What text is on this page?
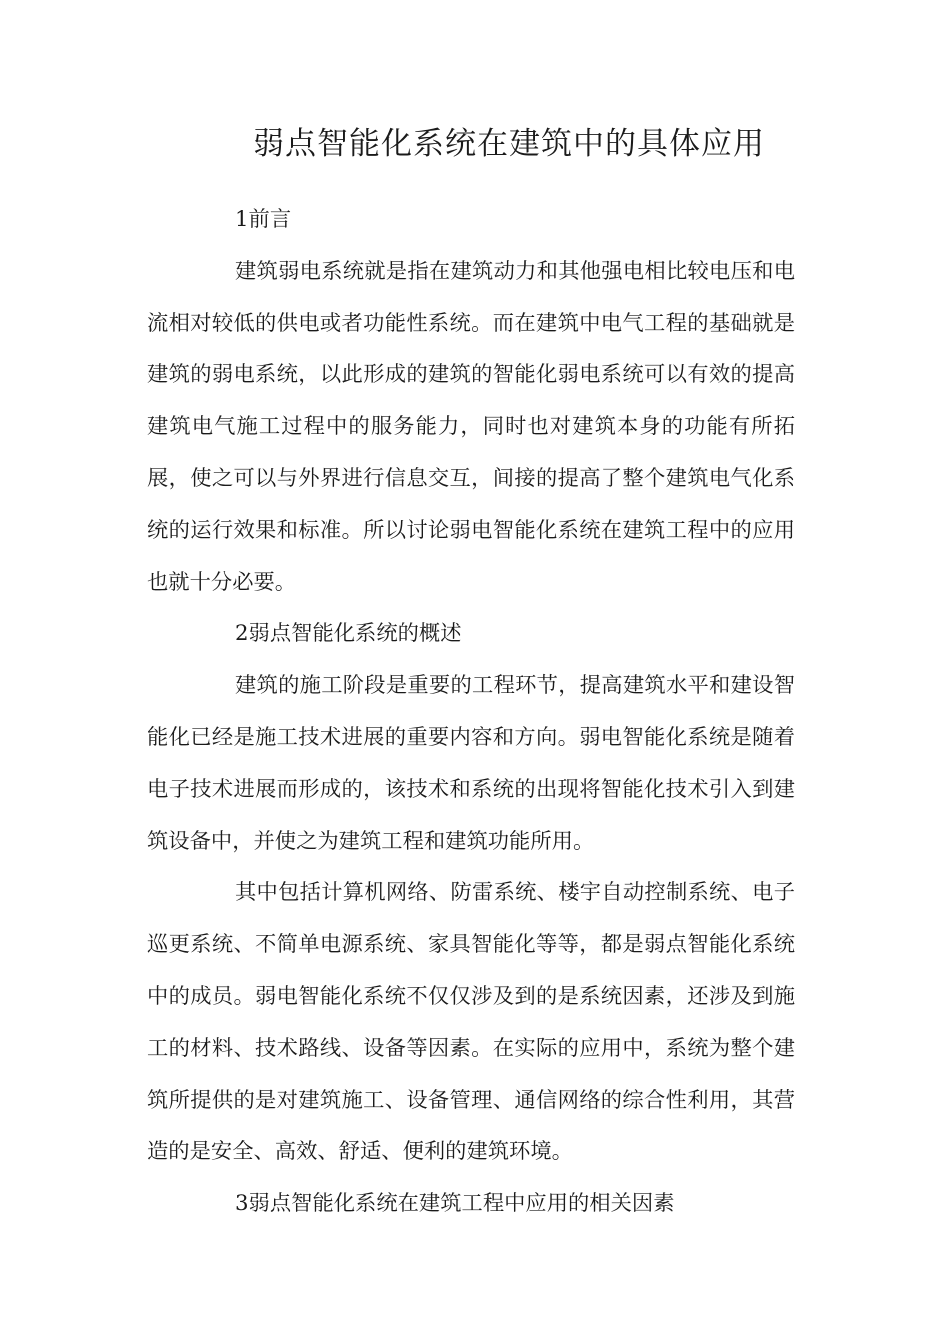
弱点智能化系统在建筑中的具体应用

1前言

建筑弱电系统就是指在建筑动力和其他强电相比较电压和电流相对较低的供电或者功能性系统。而在建筑中电气工程的基础就是建筑的弱电系统，以此形成的建筑的智能化弱电系统可以有效的提高建筑电气施工过程中的服务能力，同时也对建筑本身的功能有所拓展，使之可以与外界进行信息交互，间接的提高了整个建筑电气化系统的运行效果和标准。所以讨论弱电智能化系统在建筑工程中的应用也就十分必要。

2弱点智能化系统的概述

建筑的施工阶段是重要的工程环节，提高建筑水平和建设智能化已经是施工技术进展的重要内容和方向。弱电智能化系统是随着电子技术进展而形成的，该技术和系统的出现将智能化技术引入到建筑设备中，并使之为建筑工程和建筑功能所用。

其中包括计算机网络、防雷系统、楼宇自动控制系统、电子巡更系统、不简单电源系统、家具智能化等等，都是弱点智能化系统中的成员。弱电智能化系统不仅仅涉及到的是系统因素，还涉及到施工的材料、技术路线、设备等因素。在实际的应用中，系统为整个建筑所提供的是对建筑施工、设备管理、通信网络的综合性利用，其营造的是安全、高效、舒适、便利的建筑环境。

3弱点智能化系统在建筑工程中应用的相关因素
